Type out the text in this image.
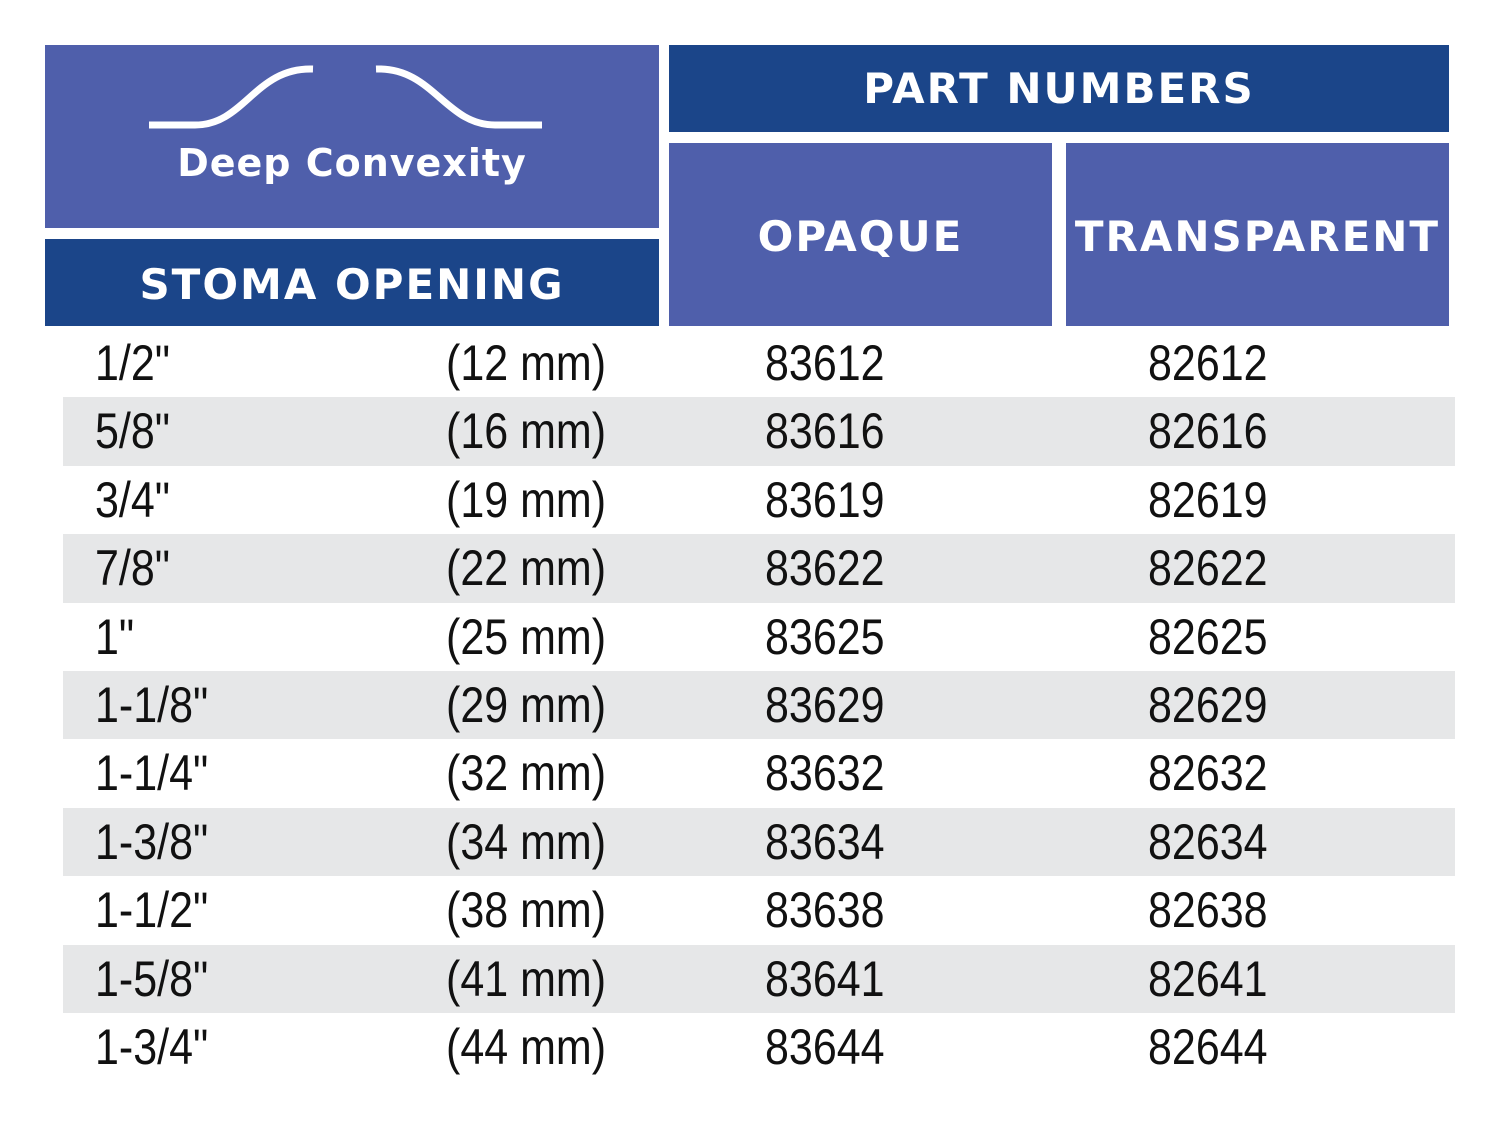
Deep Convexity
STOMA OPENING
PART NUMBERS
OPAQUE	TRANSPARENT
1/2"	(12 mm)	83612	82612
5/8"	(16 mm)	83616	82616
3/4"	(19 mm)	83619	82619
7/8"	(22 mm)	83622	82622
1"	(25 mm)	83625	82625
1-1/8"	(29 mm)	83629	82629
1-1/4"	(32 mm)	83632	82632
1-3/8"	(34 mm)	83634	82634
1-1/2"	(38 mm)	83638	82638
1-5/8"	(41 mm)	83641	82641
1-3/4"	(44 mm)	83644	82644
